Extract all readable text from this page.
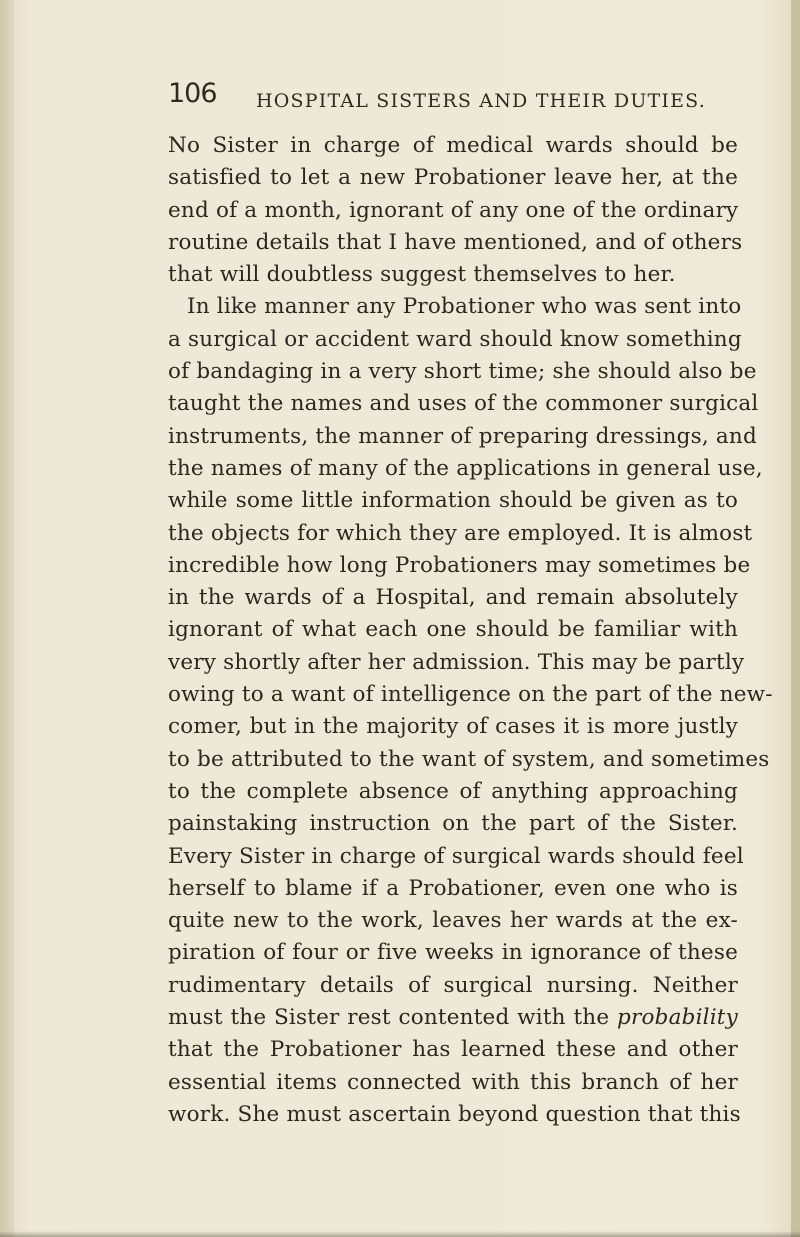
106 HOSPITAL SISTERS AND THEIR DUTIES.
No Sister in charge of medical wards should be
satisfied to let a new Probationer leave her, at the
end of a month, ignorant of any one of the ordinary
routine details that I have mentioned, and of others
that will doubtless suggest themselves to her.
In like manner any Probationer who was sent into
a surgical or accident ward should know something
of bandaging in a very short time; she should also be
taught the names and uses of the commoner surgical
instruments, the manner of preparing dressings, and
the names of many of the applications in general use,
while some little information should be given as to
the objects for which they are employed. It is almost
incredible how long Probationers may sometimes be
in the wards of a Hospital, and remain absolutely
ignorant of what each one should be familiar with
very shortly after her admission. This may be partly
owing to a want of intelligence on the part of the new-
comer, but in the majority of cases it is more justly
to be attributed to the want of system, and sometimes
to the complete absence of anything approaching
painstaking instruction on the part of the Sister.
Every Sister in charge of surgical wards should feel
herself to blame if a Probationer, even one who is
quite new to the work, leaves her wards at the ex-
piration of four or five weeks in ignorance of these
rudimentary details of surgical nursing. Neither
must the Sister rest contented with the probability
that the Probationer has learned these and other
essential items connected with this branch of her
work. She must ascertain beyond question that this
